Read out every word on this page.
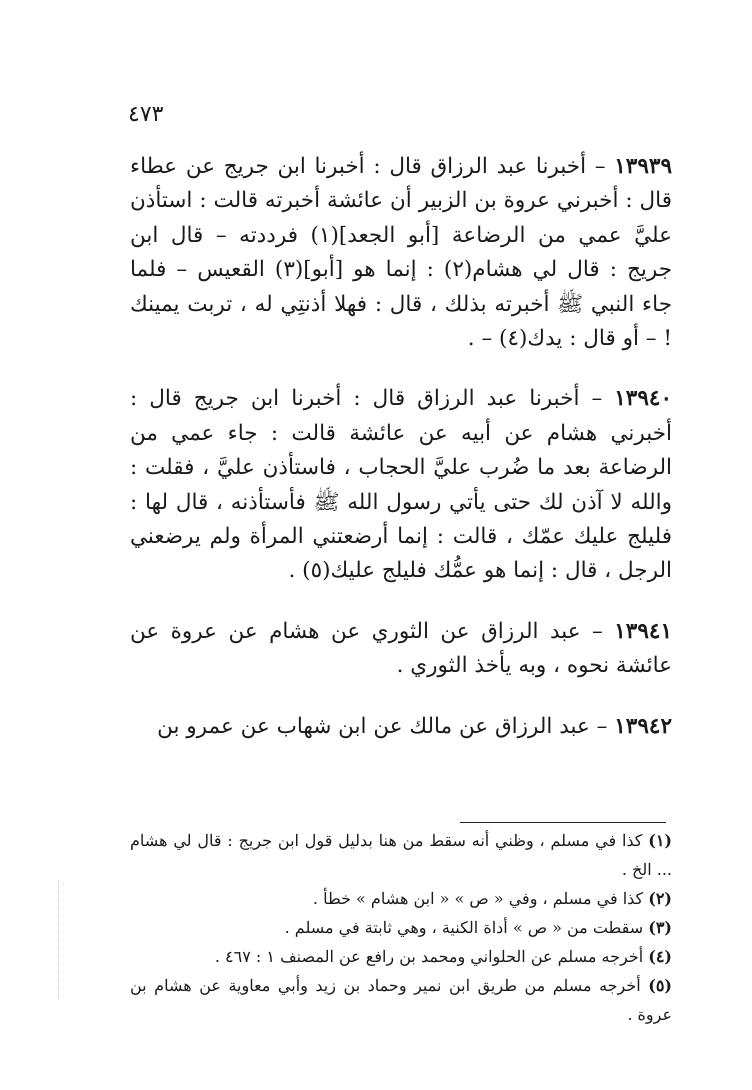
٤٧٣

١٣٩٣٩ – أخبرنا عبد الرزاق قال : أخبرنا ابن جريج عن عطاء قال : أخبرني عروة بن الزبير أن عائشة أخبرته قالت : استأذن عليَّ عمي من الرضاعة [أبو الجعد](١) فرددته – قال ابن جريج : قال لي هشام(٢) : إنما هو [أبو](٣) القعيس – فلما جاء النبي ﷺ أخبرته بذلك ، قال : فهلا أذنتِي له ، تربت يمينك ! – أو قال : يدك(٤) – .

١٣٩٤٠ – أخبرنا عبد الرزاق قال : أخبرنا ابن جريج قال : أخبرني هشام عن أبيه عن عائشة قالت : جاء عمي من الرضاعة بعد ما ضُرب عليَّ الحجاب ، فاستأذن عليَّ ، فقلت : والله لا آذن لك حتى يأتي رسول الله ﷺ فأستأذنه ، قال لها : فليلج عليك عمّك ، قالت : إنما أرضعتني المرأة ولم يرضعني الرجل ، قال : إنما هو عمُّك فليلج عليك(٥) .

١٣٩٤١ – عبد الرزاق عن الثوري عن هشام عن عروة عن عائشة نحوه ، وبه يأخذ الثوري .

١٣٩٤٢ – عبد الرزاق عن مالك عن ابن شهاب عن عمرو بن

(١) كذا في مسلم ، وظني أنه سقط من هنا بدليل قول ابن جريج : قال لي هشام ... الخ .

(٢) كذا في مسلم ، وفي « ص » « ابن هشام » خطأ .

(٣) سقطت من « ص » أداة الكنية ، وهي ثابتة في مسلم .

(٤) أخرجه مسلم عن الحلواني ومحمد بن رافع عن المصنف ١ : ٤٦٧ .

(٥) أخرجه مسلم من طريق ابن نمير وحماد بن زيد وأبي معاوية عن هشام بن عروة .
